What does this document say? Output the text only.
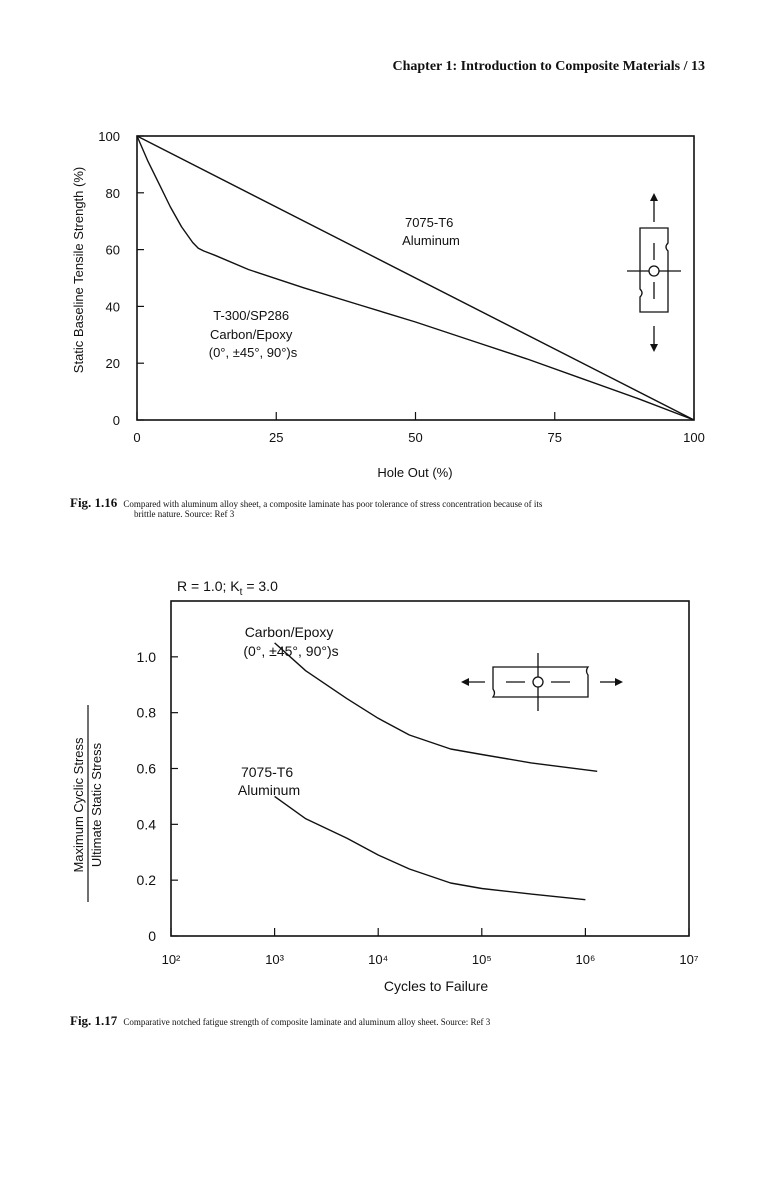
Chapter 1: Introduction to Composite Materials / 13
0
20
40
60
80
100
0	25	50	75	100
Hole Out (%)
Static Baseline Tensile Strength (%)	7075-T6 Aluminum
T-300/SP286 Carbon/Epoxy (0°, ±45°, 90°)s
Fig. 1.16 Compared with aluminum alloy sheet, a composite laminate has poor tolerance of stress concentration because of its
brittle nature. Source: Ref 3
R = 1.0; $K_t = 3.0$
0
0.2
0.4
0.6
0.8
1.0
10²	10³	10⁴	10⁵	10⁶	10⁷
Cycles to Failure
Maximum Cyclic Stress Ultimate Static Stress
Carbon/Epoxy (0°, ±45°, 90°)s
7075-T6 Aluminum
Fig. 1.17 Comparative notched fatigue strength of composite laminate and aluminum alloy sheet. Source: Ref 3
